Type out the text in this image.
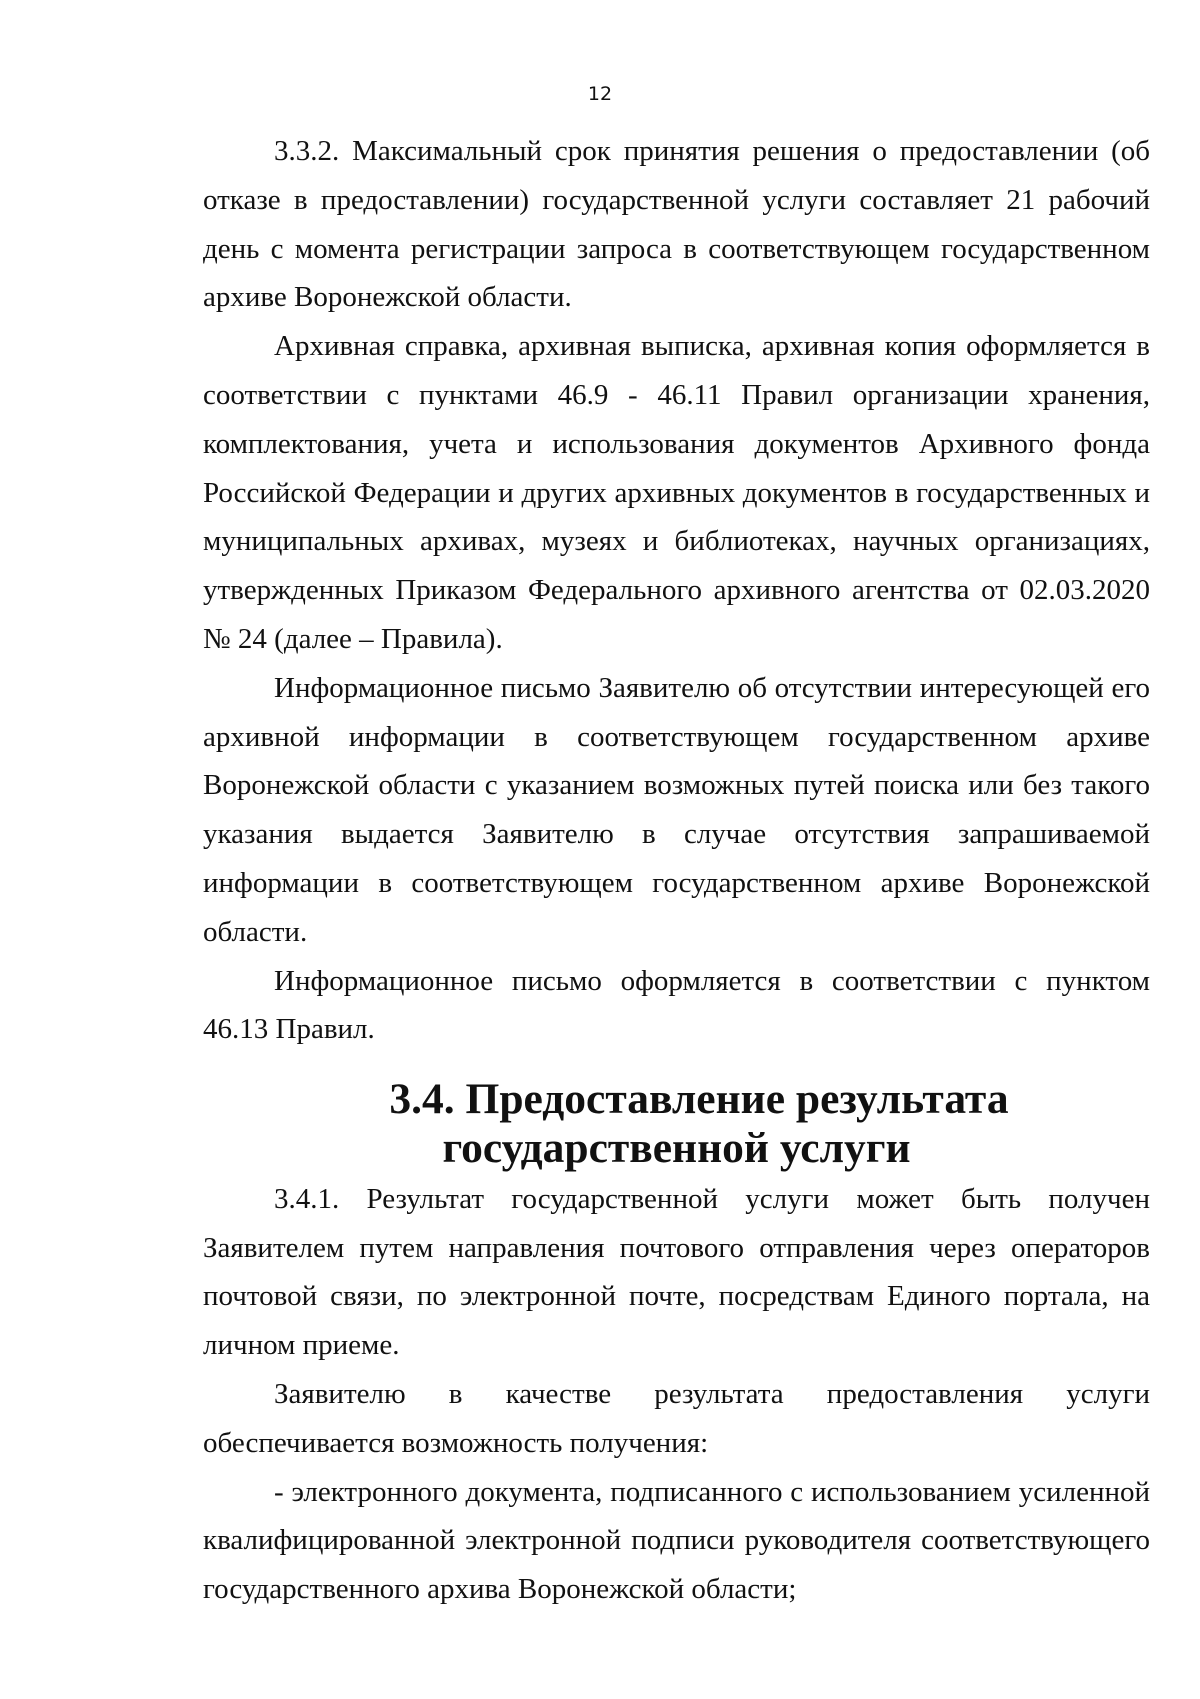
12

3.3.2. Максимальный срок принятия решения о предоставлении (об отказе в предоставлении) государственной услуги составляет 21 рабочий день с момента регистрации запроса в соответствующем государственном архиве Воронежской области.

Архивная справка, архивная выписка, архивная копия оформляется в соответствии с пунктами 46.9 - 46.11 Правил организации хранения, комплектования, учета и использования документов Архивного фонда Российской Федерации и других архивных документов в государственных и муниципальных архивах, музеях и библиотеках, научных организациях, утвержденных Приказом Федерального архивного агентства от 02.03.2020 № 24 (далее – Правила).

Информационное письмо Заявителю об отсутствии интересующей его архивной информации в соответствующем государственном архиве Воронежской области с указанием возможных путей поиска или без такого указания выдается Заявителю в случае отсутствия запрашиваемой информации в соответствующем государственном архиве Воронежской области.

Информационное письмо оформляется в соответствии с пунктом 46.13 Правил.

3.4. Предоставление результата государственной услуги

3.4.1. Результат государственной услуги может быть получен Заявителем путем направления почтового отправления через операторов почтовой связи, по электронной почте, посредствам Единого портала, на личном приеме.

Заявителю в качестве результата предоставления услуги обеспечивается возможность получения:

- электронного документа, подписанного с использованием усиленной квалифицированной электронной подписи руководителя соответствующего государственного архива Воронежской области;
